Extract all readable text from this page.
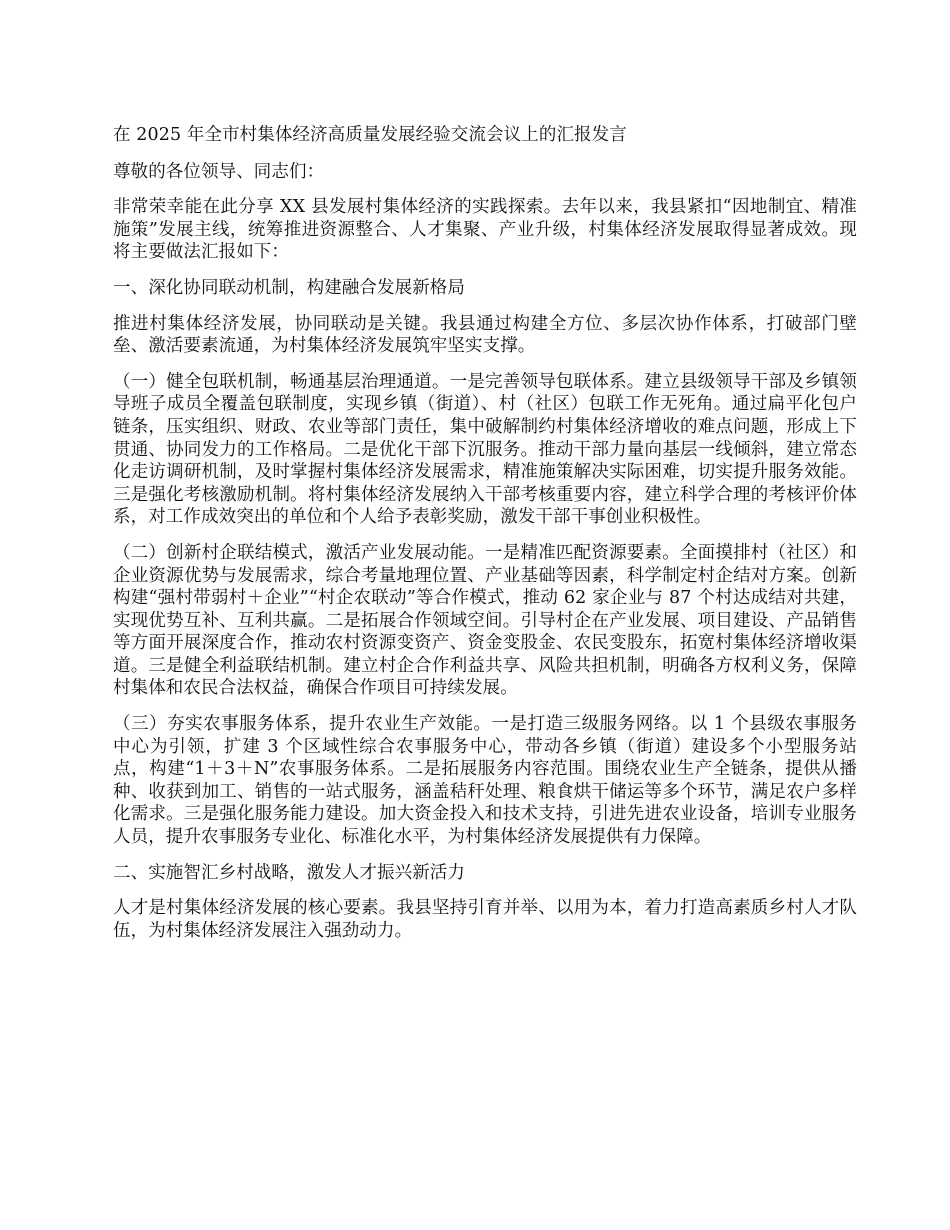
在 2025 年全市村集体经济高质量发展经验交流会议上的汇报发言

尊敬的各位领导、同志们：

非常荣幸能在此分享 XX 县发展村集体经济的实践探索。去年以来，我县紧扣“因地制宜、精准施策”发展主线，统筹推进资源整合、人才集聚、产业升级，村集体经济发展取得显著成效。现将主要做法汇报如下：

一、深化协同联动机制，构建融合发展新格局

推进村集体经济发展，协同联动是关键。我县通过构建全方位、多层次协作体系，打破部门壁垒、激活要素流通，为村集体经济发展筑牢坚实支撑。

（一）健全包联机制，畅通基层治理通道。一是完善领导包联体系。建立县级领导干部及乡镇领导班子成员全覆盖包联制度，实现乡镇（街道）、村（社区）包联工作无死角。通过扁平化包户链条，压实组织、财政、农业等部门责任，集中破解制约村集体经济增收的难点问题，形成上下贯通、协同发力的工作格局。二是优化干部下沉服务。推动干部力量向基层一线倾斜，建立常态化走访调研机制，及时掌握村集体经济发展需求，精准施策解决实际困难，切实提升服务效能。三是强化考核激励机制。将村集体经济发展纳入干部考核重要内容，建立科学合理的考核评价体系，对工作成效突出的单位和个人给予表彰奖励，激发干部干事创业积极性。

（二）创新村企联结模式，激活产业发展动能。一是精准匹配资源要素。全面摸排村（社区）和企业资源优势与发展需求，综合考量地理位置、产业基础等因素，科学制定村企结对方案。创新构建“强村带弱村＋企业”“村企农联动”等合作模式，推动 62 家企业与 87 个村达成结对共建，实现优势互补、互利共赢。二是拓展合作领域空间。引导村企在产业发展、项目建设、产品销售等方面开展深度合作，推动农村资源变资产、资金变股金、农民变股东，拓宽村集体经济增收渠道。三是健全利益联结机制。建立村企合作利益共享、风险共担机制，明确各方权利义务，保障村集体和农民合法权益，确保合作项目可持续发展。

（三）夯实农事服务体系，提升农业生产效能。一是打造三级服务网络。以 1 个县级农事服务中心为引领，扩建 3 个区域性综合农事服务中心，带动各乡镇（街道）建设多个小型服务站点，构建“1＋3＋N”农事服务体系。二是拓展服务内容范围。围绕农业生产全链条，提供从播种、收获到加工、销售的一站式服务，涵盖秸秆处理、粮食烘干储运等多个环节，满足农户多样化需求。三是强化服务能力建设。加大资金投入和技术支持，引进先进农业设备，培训专业服务人员，提升农事服务专业化、标准化水平，为村集体经济发展提供有力保障。

二、实施智汇乡村战略，激发人才振兴新活力

人才是村集体经济发展的核心要素。我县坚持引育并举、以用为本，着力打造高素质乡村人才队伍，为村集体经济发展注入强劲动力。
